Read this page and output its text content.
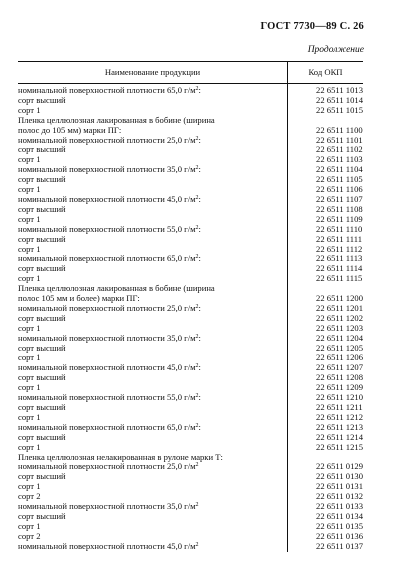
ГОСТ 7730—89 С. 26
Продолжение
Наименование продукции	Код ОКП
номинальной поверхностной плотности 65,0 $г/м^2$:	22 6511 1013
сорт высший	22 6511 1014
сорт 1	22 6511 1015
Пленка целлюлозная лакированная в бобине (ширина	
полос до 105 мм) марки ПГ:	22 6511 1100
номинальной поверхностной плотности 25,0 $г/м^2$:	22 6511 1101
сорт высший	22 6511 1102
сорт 1	22 6511 1103
номинальной поверхностной плотности 35,0 $г/м^2$:	22 6511 1104
сорт высший	22 6511 1105
сорт 1	22 6511 1106
номинальной поверхностной плотности 45,0 $г/м^2$:	22 6511 1107
сорт высший	22 6511 1108
сорт 1	22 6511 1109
номинальной поверхностной плотности 55,0 $г/м^2$:	22 6511 1110
сорт высший	22 6511 1111
сорт 1	22 6511 1112
номинальной поверхностной плотности 65,0 $г/м^2$:	22 6511 1113
сорт высший	22 6511 1114
сорт 1	22 6511 1115
Пленка целлюлозная лакированная в бобине (ширина	
полос 105 мм и более) марки ПГ:	22 6511 1200
номинальной поверхностной плотности 25,0 $г/м^2$:	22 6511 1201
сорт высший	22 6511 1202
сорт 1	22 6511 1203
номинальной поверхностной плотности 35,0 $г/м^2$:	22 6511 1204
сорт высший	22 6511 1205
сорт 1	22 6511 1206
номинальной поверхностной плотности 45,0 $г/м^2$:	22 6511 1207
сорт высший	22 6511 1208
сорт 1	22 6511 1209
номинальной поверхностной плотности 55,0 $г/м^2$:	22 6511 1210
сорт высший	22 6511 1211
сорт 1	22 6511 1212
номинальной поверхностной плотности 65,0 $г/м^2$:	22 6511 1213
сорт высший	22 6511 1214
сорт 1	22 6511 1215
Пленка целлюлозная нелакированная в рулоне марки Т:	
номинальной поверхностной плотности 25,0 $г/м^2$	22 6511 0129
сорт высший	22 6511 0130
сорт 1	22 6511 0131
сорт 2	22 6511 0132
номинальной поверхностной плотности 35,0 $г/м^2$	22 6511 0133
сорт высший	22 6511 0134
сорт 1	22 6511 0135
сорт 2	22 6511 0136
номинальной поверхностной плотности 45,0 $г/м^2$	22 6511 0137
